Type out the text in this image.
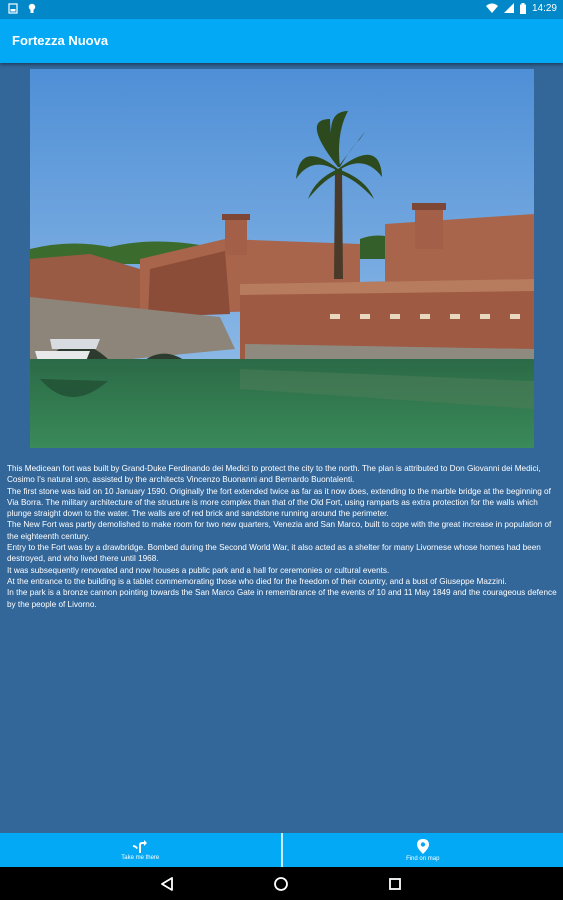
14:29
Fortezza Nuova

This Medicean fort was built by Grand-Duke Ferdinando dei Medici to protect the city to the north. The plan is attributed to Don Giovanni dei Medici, Cosimo I's natural son, assisted by the architects Vincenzo Buonanni and Bernardo Buontalenti.

The first stone was laid on 10 January 1590. Originally the fort extended twice as far as it now does, extending to the marble bridge at the beginning of Via Borra. The military architecture of the structure is more complex than that of the Old Fort, using ramparts as extra protection for the walls which plunge straight down to the water. The walls are of red brick and sandstone running around the perimeter.

The New Fort was partly demolished to make room for two new quarters, Venezia and San Marco, built to cope with the great increase in population of the eighteenth century.

Entry to the Fort was by a drawbridge. Bombed during the Second World War, it also acted as a shelter for many Livornese whose homes had been destroyed, and who lived there until 1968.

It was subsequently renovated and now houses a public park and a hall for ceremonies or cultural events.

At the entrance to the building is a tablet commemorating those who died for the freedom of their country, and a bust of Giuseppe Mazzini.

In the park is a bronze cannon pointing towards the San Marco Gate in remembrance of the events of 10 and 11 May 1849 and the courageous defence by the people of Livorno.

Take me there	Find on map
